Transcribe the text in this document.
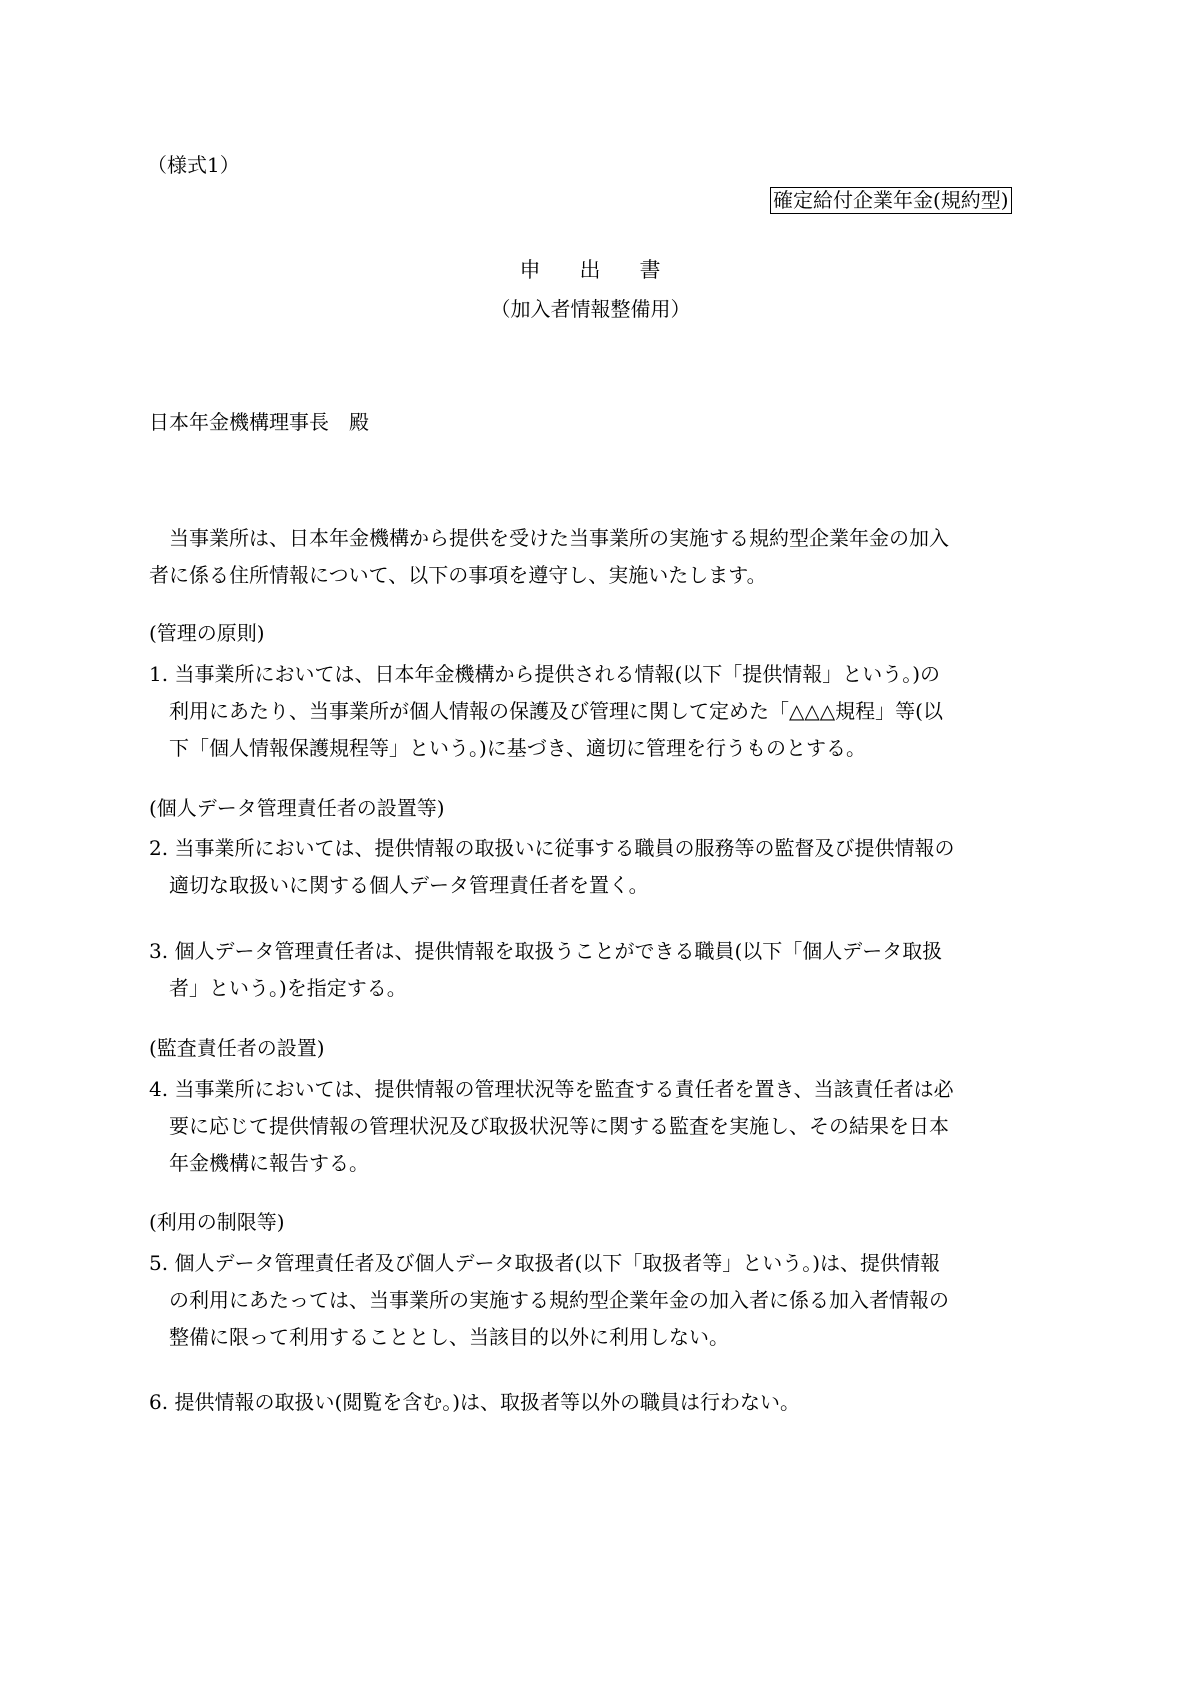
（様式1）
確定給付企業年金(規約型)
申 出 書
（加入者情報整備用）
日本年金機構理事長　殿
　当事業所は、日本年金機構から提供を受けた当事業所の実施する規約型企業年金の加入
者に係る住所情報について、以下の事項を遵守し、実施いたします。
(管理の原則)
1. 当事業所においては、日本年金機構から提供される情報(以下「提供情報」という。)の
利用にあたり、当事業所が個人情報の保護及び管理に関して定めた「△△△規程」等(以
下「個人情報保護規程等」という。)に基づき、適切に管理を行うものとする。
(個人データ管理責任者の設置等)
2. 当事業所においては、提供情報の取扱いに従事する職員の服務等の監督及び提供情報の
適切な取扱いに関する個人データ管理責任者を置く。
3. 個人データ管理責任者は、提供情報を取扱うことができる職員(以下「個人データ取扱
者」という。)を指定する。
(監査責任者の設置)
4. 当事業所においては、提供情報の管理状況等を監査する責任者を置き、当該責任者は必
要に応じて提供情報の管理状況及び取扱状況等に関する監査を実施し、その結果を日本
年金機構に報告する。
(利用の制限等)
5. 個人データ管理責任者及び個人データ取扱者(以下「取扱者等」という。)は、提供情報
の利用にあたっては、当事業所の実施する規約型企業年金の加入者に係る加入者情報の
整備に限って利用することとし、当該目的以外に利用しない。
6. 提供情報の取扱い(閲覧を含む。)は、取扱者等以外の職員は行わない。
